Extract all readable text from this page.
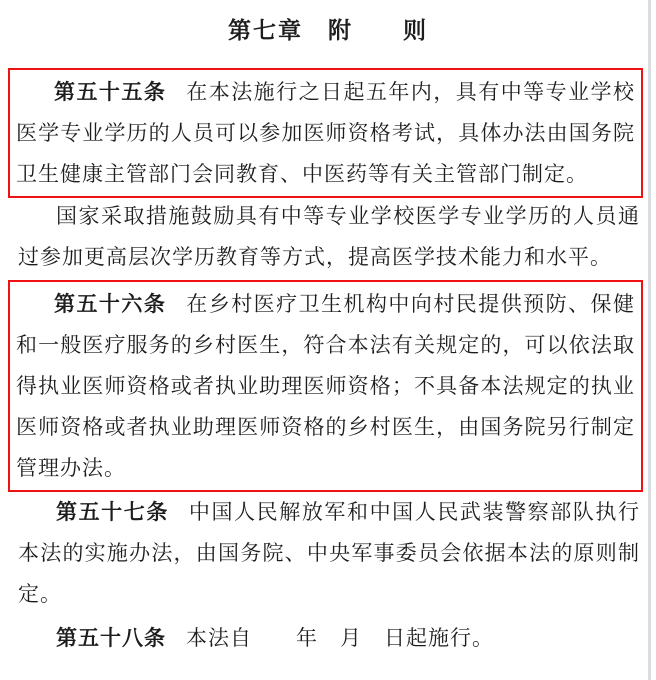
第七章　附　　则

第五十五条 在本法施行之日起五年内，具有中等专业学校医学专业学历的人员可以参加医师资格考试，具体办法由国务院卫生健康主管部门会同教育、中医药等有关主管部门制定。

国家采取措施鼓励具有中等专业学校医学专业学历的人员通过参加更高层次学历教育等方式，提高医学技术能力和水平。

第五十六条 在乡村医疗卫生机构中向村民提供预防、保健和一般医疗服务的乡村医生，符合本法有关规定的，可以依法取得执业医师资格或者执业助理医师资格；不具备本法规定的执业医师资格或者执业助理医师资格的乡村医生，由国务院另行制定管理办法。

第五十七条 中国人民解放军和中国人民武装警察部队执行本法的实施办法，由国务院、中央军事委员会依据本法的原则制定。

第五十八条 本法自　　年　月　日起施行。
